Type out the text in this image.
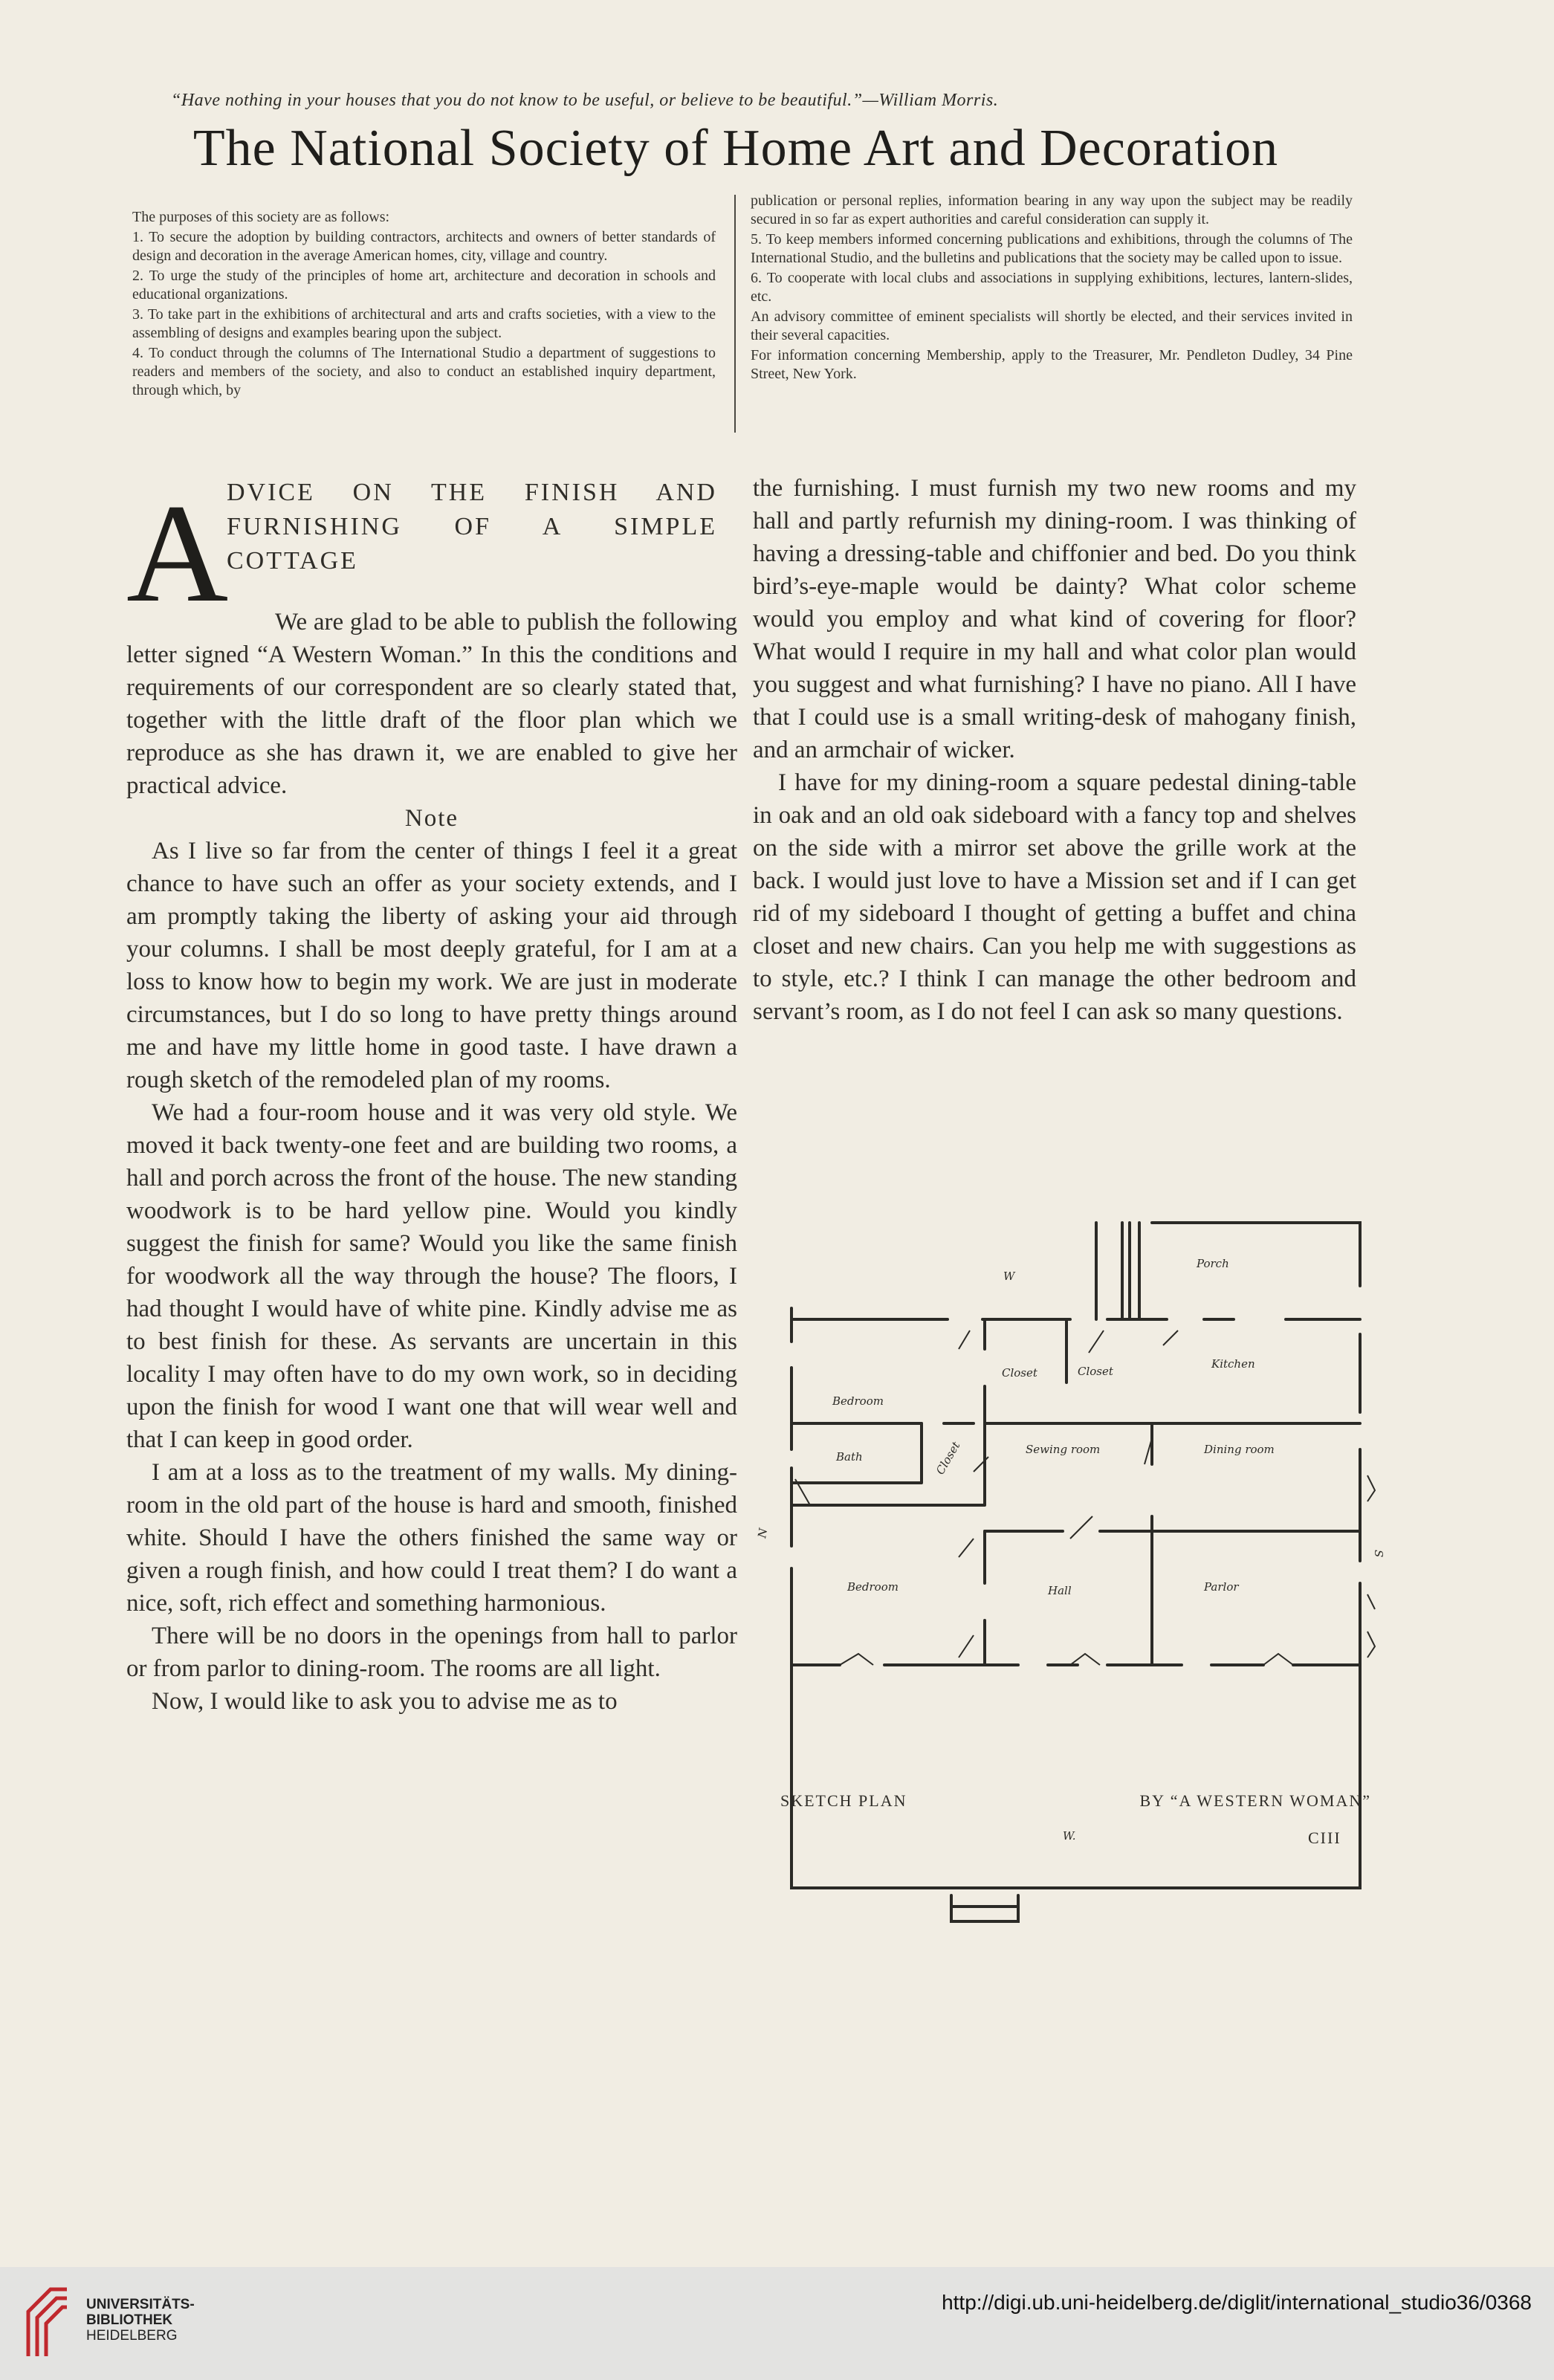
“Have nothing in your houses that you do not know to be useful, or believe to be beautiful.”—William Morris.
The National Society of Home Art and Decoration

The purposes of this society are as follows:

1. To secure the adoption by building contractors, architects and owners of better standards of design and decoration in the average American homes, city, village and country.

2. To urge the study of the principles of home art, architecture and decoration in schools and educational organizations.

3. To take part in the exhibitions of architectural and arts and crafts societies, with a view to the assembling of designs and examples bearing upon the subject.

4. To conduct through the columns of The International Studio a department of suggestions to readers and members of the society, and also to conduct an established inquiry department, through which, by

publication or personal replies, information bearing in any way upon the subject may be readily secured in so far as expert authorities and careful consideration can supply it.

5. To keep members informed concerning publications and exhibitions, through the columns of The International Studio, and the bulletins and publications that the society may be called upon to issue.

6. To cooperate with local clubs and associations in supplying exhibitions, lectures, lantern-slides, etc.

An advisory committee of eminent specialists will shortly be elected, and their services invited in their several capacities.

For information concerning Membership, apply to the Treasurer, Mr. Pendleton Dudley, 34 Pine Street, New York.

A
DVICE ON THE FINISH AND FURNISHING OF A SIMPLE COTTAGE

We are glad to be able to publish the following letter signed “A Western Woman.” In this the conditions and requirements of our correspondent are so clearly stated that, together with the little draft of the floor plan which we reproduce as she has drawn it, we are enabled to give her practical advice.

Note

As I live so far from the center of things I feel it a great chance to have such an offer as your society extends, and I am promptly taking the liberty of asking your aid through your columns. I shall be most deeply grateful, for I am at a loss to know how to begin my work. We are just in moderate circumstances, but I do so long to have pretty things around me and have my little home in good taste. I have drawn a rough sketch of the remodeled plan of my rooms.

We had a four-room house and it was very old style. We moved it back twenty-one feet and are building two rooms, a hall and porch across the front of the house. The new standing woodwork is to be hard yellow pine. Would you kindly suggest the finish for same? Would you like the same finish for woodwork all the way through the house? The floors, I had thought I would have of white pine. Kindly advise me as to best finish for these. As servants are uncertain in this locality I may often have to do my own work, so in deciding upon the finish for wood I want one that will wear well and that I can keep in good order.

I am at a loss as to the treatment of my walls. My dining-room in the old part of the house is hard and smooth, finished white. Should I have the others finished the same way or given a rough finish, and how could I treat them? I do want a nice, soft, rich effect and something harmonious.

There will be no doors in the openings from hall to parlor or from parlor to dining-room. The rooms are all light.

Now, I would like to ask you to advise me as to

the furnishing. I must furnish my two new rooms and my hall and partly refurnish my dining-room. I was thinking of having a dressing-table and chiffonier and bed. Do you think bird’s-eye-maple would be dainty? What color scheme would you employ and what kind of covering for floor? What would I require in my hall and what color plan would you suggest and what furnishing? I have no piano. All I have that I could use is a small writing-desk of mahogany finish, and an armchair of wicker.

I have for my dining-room a square pedestal dining-table in oak and an old oak sideboard with a fancy top and shelves on the side with a mirror set above the grille work at the back. I would just love to have a Mission set and if I can get rid of my sideboard I thought of getting a buffet and china closet and new chairs. Can you help me with suggestions as to style, etc.? I think I can manage the other bedroom and servant’s room, as I do not feel I can ask so many questions.

W
Porch
Closet	Closet
Kitchen
Bedroom
Bath	Closet	Sewing room	Dining room
Bedroom	Hall	Parlor
W.
N
S
SKETCH PLAN	BY “A WESTERN WOMAN”
CIII
UNIVERSITÄTS-
BIBLIOTHEK
HEIDELBERG
http://digi.ub.uni-heidelberg.de/diglit/international_studio36/0368
